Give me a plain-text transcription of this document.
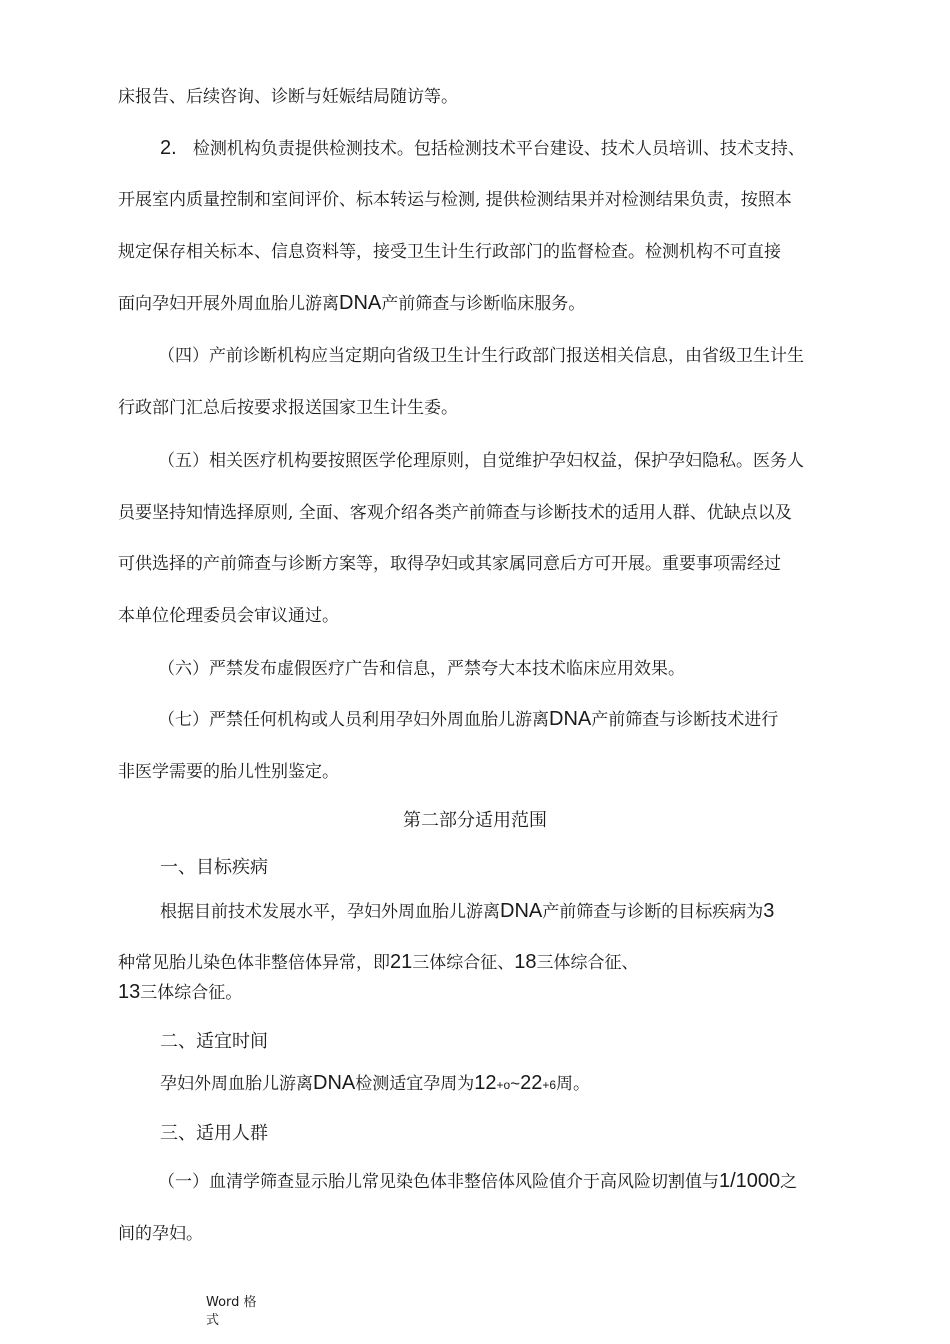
床报告、后续咨询、诊断与妊娠结局随访等。
2. 检测机构负责提供检测技术。包括检测技术平台建设、技术人员培训、技术支持、
开展室内质量控制和室间评价、标本转运与检测, 提供检测结果并对检测结果负责，按照本
规定保存相关标本、信息资料等，接受卫生计生行政部门的监督检查。检测机构不可直接
面向孕妇开展外周血胎儿游离DNA产前筛查与诊断临床服务。
（四）产前诊断机构应当定期向省级卫生计生行政部门报送相关信息，由省级卫生计生
行政部门汇总后按要求报送国家卫生计生委。
（五）相关医疗机构要按照医学伦理原则，自觉维护孕妇权益，保护孕妇隐私。医务人
员要坚持知情选择原则, 全面、客观介绍各类产前筛查与诊断技术的适用人群、优缺点以及
可供选择的产前筛查与诊断方案等，取得孕妇或其家属同意后方可开展。重要事项需经过
本单位伦理委员会审议通过。
（六）严禁发布虚假医疗广告和信息，严禁夸大本技术临床应用效果。
（七）严禁任何机构或人员利用孕妇外周血胎儿游离DNA产前筛查与诊断技术进行
非医学需要的胎儿性别鉴定。
第二部分适用范围
一、目标疾病
根据目前技术发展水平，孕妇外周血胎儿游离DNA产前筛查与诊断的目标疾病为3
种常见胎儿染色体非整倍体异常，即21三体综合征、18三体综合征、
13三体综合征。
二、适宜时间
孕妇外周血胎儿游离DNA检测适宜孕周为12+o~22+6周。
三、适用人群
（一）血清学筛查显示胎儿常见染色体非整倍体风险值介于高风险切割值与1/1000之
间的孕妇。
Word 格
式
